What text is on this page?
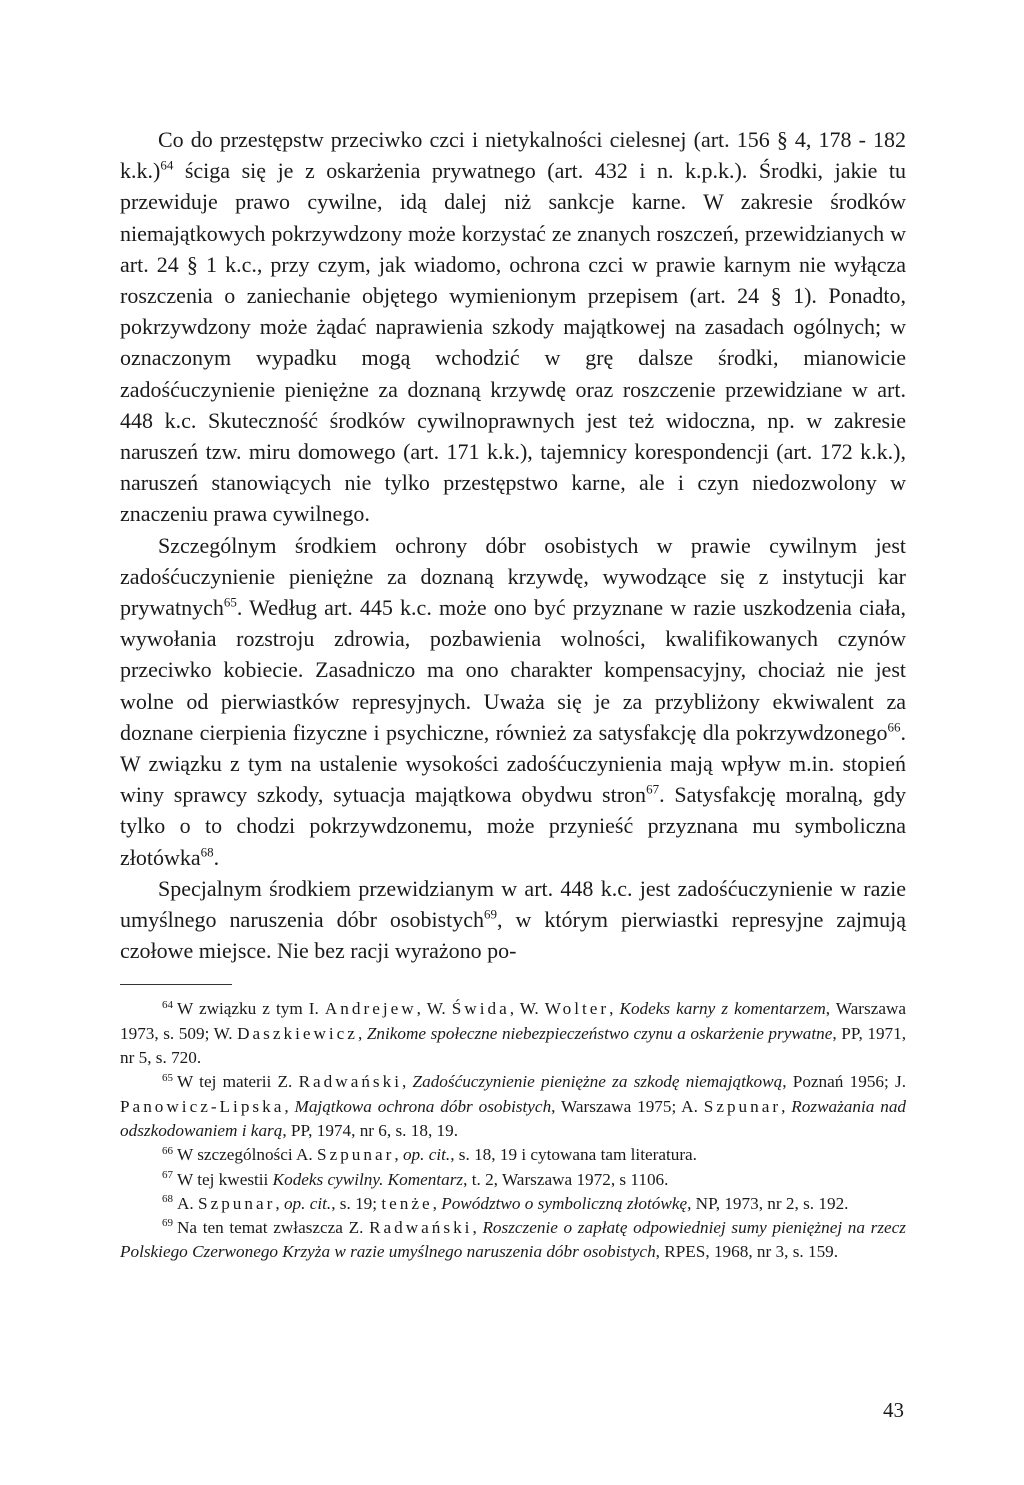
Co do przestępstw przeciwko czci i nietykalności cielesnej (art. 156 § 4, 178 - 182 k.k.)$^{64}$ ściga się je z oskarżenia prywatnego (art. 432 i n. k.p.k.). Środki, jakie tu przewiduje prawo cywilne, idą dalej niż sankcje karne. W zakresie środków niemajątkowych pokrzywdzony może korzystać ze znanych roszczeń, przewidzianych w art. 24 § 1 k.c., przy czym, jak wiadomo, ochrona czci w prawie karnym nie wyłącza roszczenia o zaniechanie objętego wymienionym przepisem (art. 24 § 1). Ponadto, pokrzywdzony może żądać naprawienia szkody majątkowej na zasadach ogólnych; w oznaczonym wypadku mogą wchodzić w grę dalsze środki, mianowicie zadośćuczynienie pieniężne za doznaną krzywdę oraz roszczenie przewidziane w art. 448 k.c. Skuteczność środków cywilnoprawnych jest też widoczna, np. w zakresie naruszeń tzw. miru domowego (art. 171 k.k.), tajemnicy korespondencji (art. 172 k.k.), naruszeń stanowiących nie tylko przestępstwo karne, ale i czyn niedozwolony w znaczeniu prawa cywilnego.

Szczególnym środkiem ochrony dóbr osobistych w prawie cywilnym jest zadośćuczynienie pieniężne za doznaną krzywdę, wywodzące się z instytucji kar prywatnych$^{65}$. Według art. 445 k.c. może ono być przyznane w razie uszkodzenia ciała, wywołania rozstroju zdrowia, pozbawienia wolności, kwalifikowanych czynów przeciwko kobiecie. Zasadniczo ma ono charakter kompensacyjny, chociaż nie jest wolne od pierwiastków represyjnych. Uważa się je za przybliżony ekwiwalent za doznane cierpienia fizyczne i psychiczne, również za satysfakcję dla pokrzywdzonego$^{66}$. W związku z tym na ustalenie wysokości zadośćuczynienia mają wpływ m.in. stopień winy sprawcy szkody, sytuacja majątkowa obydwu stron$^{67}$. Satysfakcję moralną, gdy tylko o to chodzi pokrzywdzonemu, może przynieść przyznana mu symboliczna złotówka$^{68}$.

Specjalnym środkiem przewidzianym w art. 448 k.c. jest zadośćuczynienie w razie umyślnego naruszenia dóbr osobistych$^{69}$, w którym pierwiastki represyjne zajmują czołowe miejsce. Nie bez racji wyrażono po-

$^{64}$ W związku z tym I. Andrejew, W. Świda, W. Wolter, Kodeks karny z komentarzem, Warszawa 1973, s. 509; W. Daszkiewicz, Znikome społeczne niebezpieczeństwo czynu a oskarżenie prywatne, PP, 1971, nr 5, s. 720.

$^{65}$ W tej materii Z. Radwański, Zadośćuczynienie pieniężne za szkodę niemajątkową, Poznań 1956; J. Panowicz-Lipska, Majątkowa ochrona dóbr osobistych, Warszawa 1975; A. Szpunar, Rozważania nad odszkodowaniem i karą, PP, 1974, nr 6, s. 18, 19.

$^{66}$ W szczególności A. Szpunar, op. cit., s. 18, 19 i cytowana tam literatura.

$^{67}$ W tej kwestii Kodeks cywilny. Komentarz, t. 2, Warszawa 1972, s 1106.

$^{68}$ A. Szpunar, op. cit., s. 19; tenże, Powództwo o symboliczną złotówkę, NP, 1973, nr 2, s. 192.

$^{69}$ Na ten temat zwłaszcza Z. Radwański, Roszczenie o zapłatę odpowiedniej sumy pieniężnej na rzecz Polskiego Czerwonego Krzyża w razie umyślnego naruszenia dóbr osobistych, RPES, 1968, nr 3, s. 159.

43
